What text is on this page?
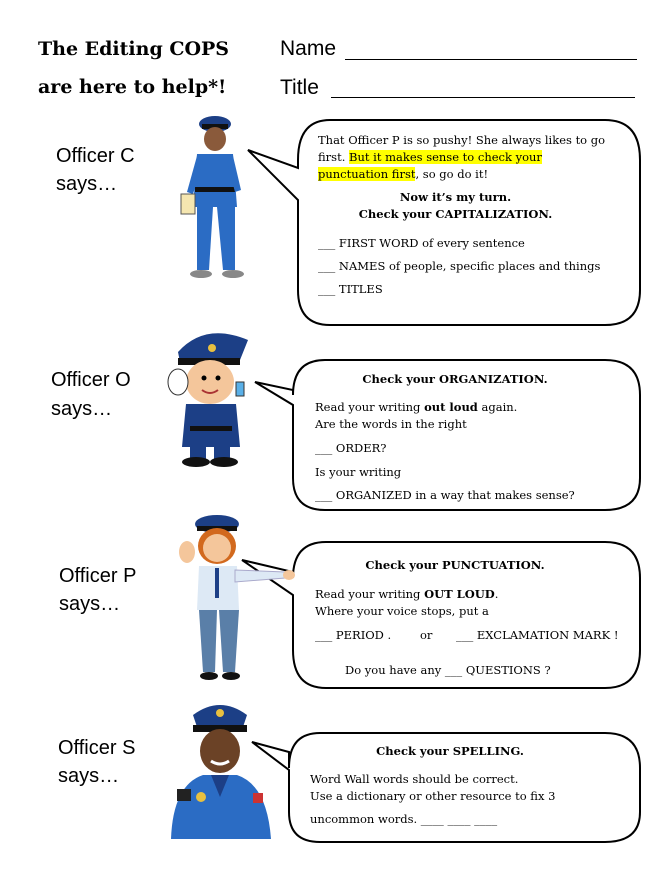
The Editing COPS
are here to help*!
Name
Title
Officer C
says…
That Officer P is so pushy! She always likes to go
first. But it makes sense to check your
punctuation first, so go do it!
Now it’s my turn.
Check your CAPITALIZATION.
___ FIRST WORD of every sentence
___ NAMES of people, specific places and things
___ TITLES
Officer O
says…
Check your ORGANIZATION.
Read your writing out loud again.
Are the words in the right
___ ORDER?
Is your writing
___ ORGANIZED in a way that makes sense?
Officer P
says…
Check your PUNCTUATION.
Read your writing OUT LOUD.
Where your voice stops, put a
___ PERIOD .	or ___ EXCLAMATION MARK !
Do you have any ___ QUESTIONS ?
Officer S
says…
Check your SPELLING.
Word Wall words should be correct.
Use a dictionary or other resource to fix 3
uncommon words. ____ ____ ____
